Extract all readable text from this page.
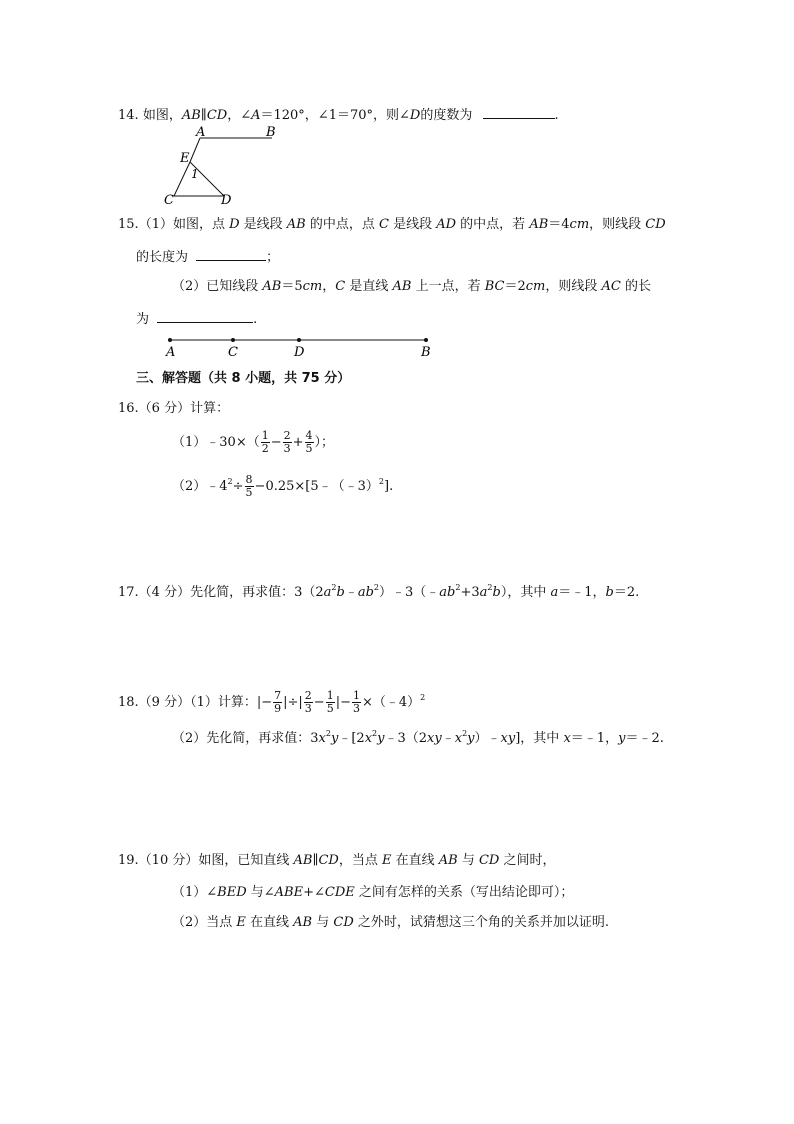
14. 如图，AB∥CD，∠A＝120°，∠1＝70°，则∠D的度数为	.
A	B
E
1
C	D
15.（1）如图，点 D 是线段 AB 的中点，点 C 是线段 AD 的中点，若 AB＝4cm，则线段 CD
的长度为	；
（2）已知线段 AB＝5cm，C 是直线 AB 上一点，若 BC＝2cm，则线段 AC 的长
为	.
A	C	D	B
三、解答题（共 8 小题，共 75 分）
16.（6 分）计算：
（1）﹣30×（ $\frac{1}{2} - \frac{2}{3} + \frac{4}{5}$ ）；
$(2)﹣4^2\div \frac{8}{5}$ −0.25×[5﹣（﹣3）$^2$].
17.（4 分）先化简，再求值：$3(2a^2b﹣ab^2)﹣3(﹣ab^2+3a^2b)$，其中 a＝﹣1，b＝2.
18.（9 分）（1）计算：|− $\frac{7}{9}$ |÷| $\frac{2}{3} - \frac{1}{5}$ |− $\frac{1}{3}$ ×（﹣4）$^2$
（2）先化简，再求值：$3x^2y﹣[2x^2y﹣3(2xy﹣x^2y)﹣xy]$，其中 x＝﹣1，y＝﹣2.
19.（10 分）如图，已知直线 AB∥CD，当点 E 在直线 AB 与 CD 之间时，
（1）∠BED 与∠ABE+∠CDE 之间有怎样的关系（写出结论即可）；
（2）当点 E 在直线 AB 与 CD 之外时，试猜想这三个角的关系并加以证明.
